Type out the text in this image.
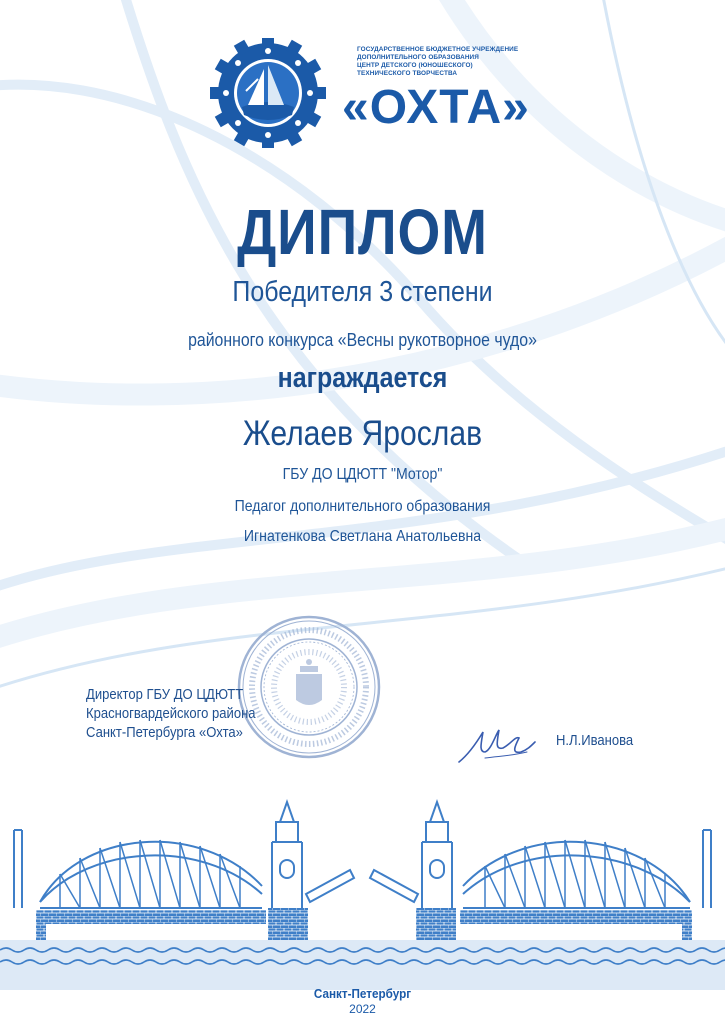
ГОСУДАРСТВЕННОЕ БЮДЖЕТНОЕ УЧРЕЖДЕНИЕ
ДОПОЛНИТЕЛЬНОГО ОБРАЗОВАНИЯ
ЦЕНТР ДЕТСКОГО (ЮНОШЕСКОГО)
ТЕХНИЧЕСКОГО ТВОРЧЕСТВА
«ОХТА»
ДИПЛОМ
Победителя 3 степени
районного конкурса «Весны рукотворное чудо»
награждается
Желаев Ярослав
ГБУ ДО ЦДЮТТ "Мотор"
Педагог дополнительного образования
Игнатенкова Светлана Анатольевна
Директор ГБУ ДО ЦДЮТТ
Красногвардейского района
Санкт-Петербурга «Охта»	Н.Л.Иванова
Санкт-Петербург
2022
